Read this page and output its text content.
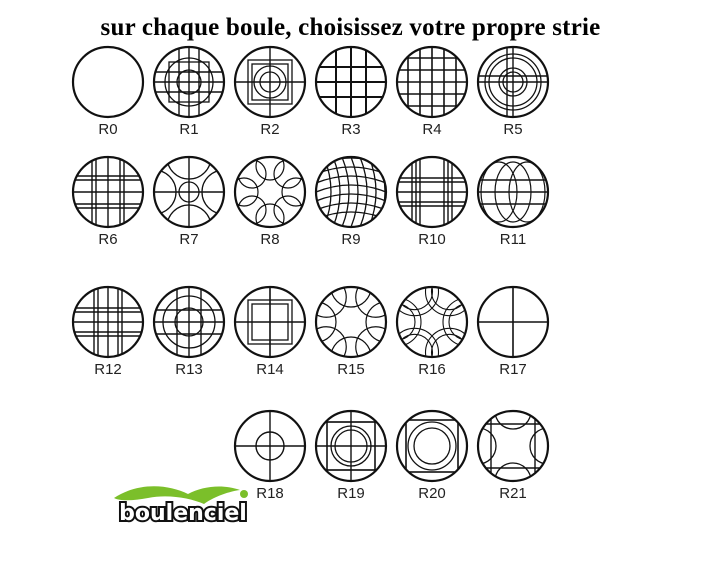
sur chaque boule, choisissez votre propre strie
R0	R1	R2	R3	R4	R5
R6	R7	R8	R9	R10	R11
R12	R13	R14	R15	R16	R17
R18	R19	R20	R21
boulenciel
